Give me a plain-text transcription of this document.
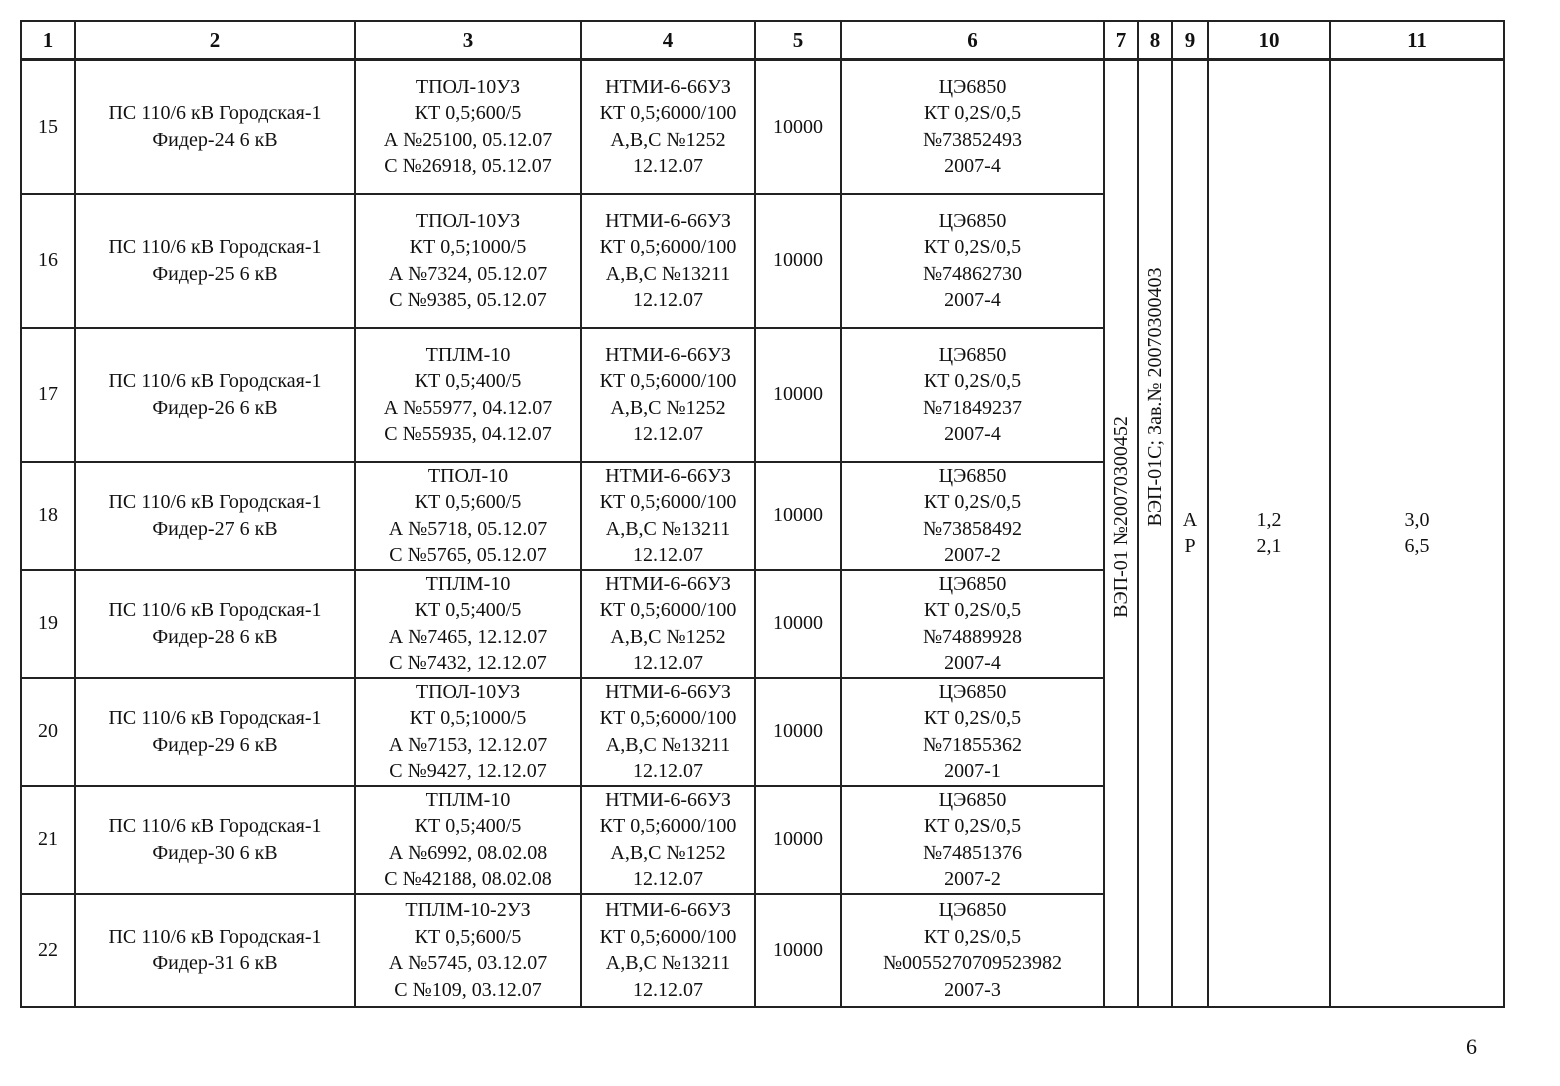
1	2	3	4	5	6	7	8	9	10	11
15	ПС 110/6 кВ Городская-1
Фидер-24 6 кВ	ТПОЛ-10УЗ
КТ 0,5;600/5
А №25100, 05.12.07
С №26918, 05.12.07	НТМИ-6-66УЗ
КТ 0,5;6000/100
А,В,С №1252
12.12.07	10000	ЦЭ6850
КТ 0,2S/0,5
№73852493
2007-4	ВЭП-01 №20070300452	ВЭП-01С; Зав.№ 20070300403	А
Р	1,2
2,1	3,0
6,5

16	ПС 110/6 кВ Городская-1
Фидер-25 6 кВ	ТПОЛ-10УЗ
КТ 0,5;1000/5
А №7324, 05.12.07
С №9385, 05.12.07	НТМИ-6-66УЗ
КТ 0,5;6000/100
А,В,С №13211
12.12.07	10000	ЦЭ6850
КТ 0,2S/0,5
№74862730
2007-4					

17	ПС 110/6 кВ Городская-1
Фидер-26 6 кВ	ТПЛМ-10
КТ 0,5;400/5
А №55977, 04.12.07
С №55935, 04.12.07	НТМИ-6-66УЗ
КТ 0,5;6000/100
А,В,С №1252
12.12.07	10000	ЦЭ6850
КТ 0,2S/0,5
№71849237
2007-4					

18	ПС 110/6 кВ Городская-1
Фидер-27 6 кВ	ТПОЛ-10
КТ 0,5;600/5
А №5718, 05.12.07
С №5765, 05.12.07	НТМИ-6-66УЗ
КТ 0,5;6000/100
А,В,С №13211
12.12.07	10000	ЦЭ6850
КТ 0,2S/0,5
№73858492
2007-2					

19	ПС 110/6 кВ Городская-1
Фидер-28 6 кВ	ТПЛМ-10
КТ 0,5;400/5
А №7465, 12.12.07
С №7432, 12.12.07	НТМИ-6-66УЗ
КТ 0,5;6000/100
А,В,С №1252
12.12.07	10000	ЦЭ6850
КТ 0,2S/0,5
№74889928
2007-4					

20	ПС 110/6 кВ Городская-1
Фидер-29 6 кВ	ТПОЛ-10УЗ
КТ 0,5;1000/5
А №7153, 12.12.07
С №9427, 12.12.07	НТМИ-6-66УЗ
КТ 0,5;6000/100
А,В,С №13211
12.12.07	10000	ЦЭ6850
КТ 0,2S/0,5
№71855362
2007-1					

21	ПС 110/6 кВ Городская-1
Фидер-30 6 кВ	ТПЛМ-10
КТ 0,5;400/5
А №6992, 08.02.08
С №42188, 08.02.08	НТМИ-6-66УЗ
КТ 0,5;6000/100
А,В,С №1252
12.12.07	10000	ЦЭ6850
КТ 0,2S/0,5
№74851376
2007-2					

22	ПС 110/6 кВ Городская-1
Фидер-31 6 кВ	ТПЛМ-10-2УЗ
КТ 0,5;600/5
А №5745, 03.12.07
С №109, 03.12.07	НТМИ-6-66УЗ
КТ 0,5;6000/100
А,В,С №13211
12.12.07	10000	ЦЭ6850
КТ 0,2S/0,5
№0055270709523982
2007-3					
6
